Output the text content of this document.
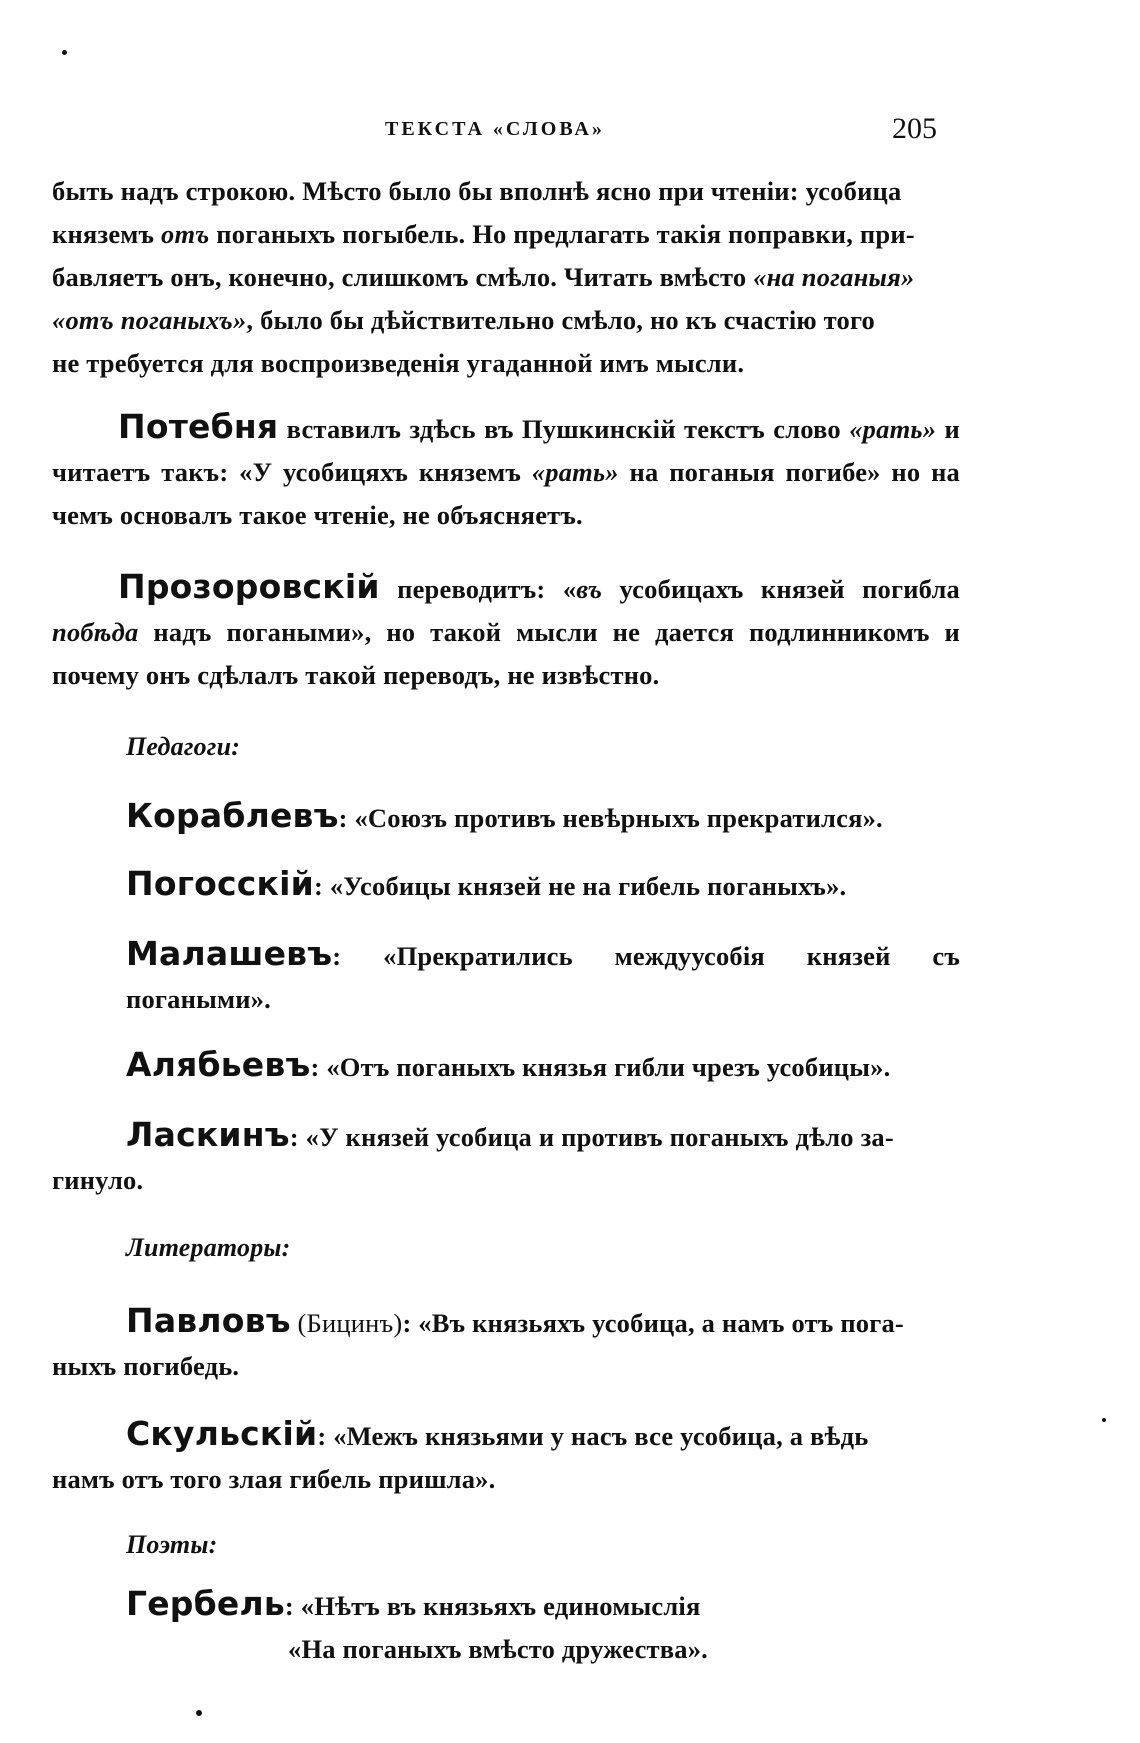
ТЕКСТА «СЛОВА»	205
быть надъ строкою. Мѣсто было бы вполнѣ ясно при чтеніи: усобица
княземъ отъ поганыхъ погыбель. Но предлагать такія поправки, при-
бавляетъ онъ, конечно, слишкомъ смѣло. Читать вмѣсто «на поганыя»
«отъ поганыхъ», было бы дѣйствительно смѣло, но къ счастію того
не требуется для воспроизведенія угаданной имъ мысли.
Потебня вставилъ здѣсь въ Пушкинскій текстъ слово «рать» и читаетъ такъ: «У усобицяхъ княземъ «рать» на поганыя погибе» но на чемъ основалъ такое чтеніе, не объясняетъ.
Прозоровскій переводитъ: «въ усобицахъ князей погибла побѣда надъ погаными», но такой мысли не дается подлинникомъ и почему онъ сдѣлалъ такой переводъ, не извѣстно.
Педагоги:
Кораблевъ: «Союзъ противъ невѣрныхъ прекратился».
Погосскій: «Усобицы князей не на гибель поганыхъ».
Малашевъ: «Прекратились междуусобія князей съ погаными».
Алябьевъ: «Отъ поганыхъ князья гибли чрезъ усобицы».
Ласкинъ: «У князей усобица и противъ поганыхъ дѣло за-
гинуло.
Литераторы:
Павловъ (Бицинъ): «Въ князьяхъ усобица, а намъ отъ пога-
ныхъ погибедь.
Скульскій: «Межъ князьями у насъ все усобица, а вѣдь
намъ отъ того злая гибель пришла».
Поэты:
Гербель: «Нѣтъ въ князьяхъ единомыслія
«На поганыхъ вмѣсто дружества».
